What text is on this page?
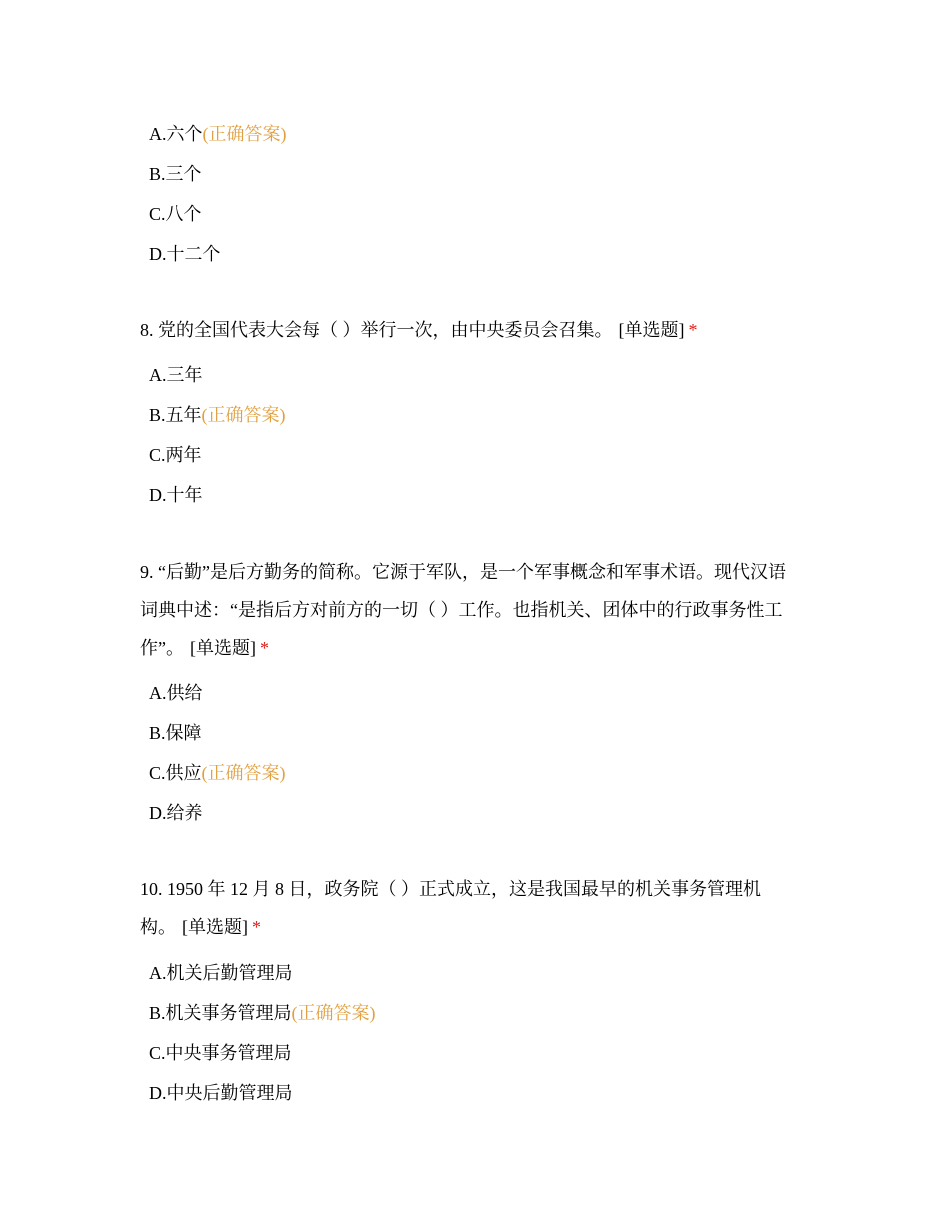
A.六个(正确答案)
B.三个
C.八个
D.十二个
8. 党的全国代表大会每（ ）举行一次，由中央委员会召集。 [单选题] *
A.三年
B.五年(正确答案)
C.两年
D.十年
9. “后勤”是后方勤务的简称。它源于军队，是一个军事概念和军事术语。现代汉语
词典中述：“是指后方对前方的一切（ ）工作。也指机关、团体中的行政事务性工
作”。 [单选题] *
A.供给
B.保障
C.供应(正确答案)
D.给养
10. 1950 年 12 月 8 日，政务院（ ）正式成立，这是我国最早的机关事务管理机
构。 [单选题] *
A.机关后勤管理局
B.机关事务管理局(正确答案)
C.中央事务管理局
D.中央后勤管理局
